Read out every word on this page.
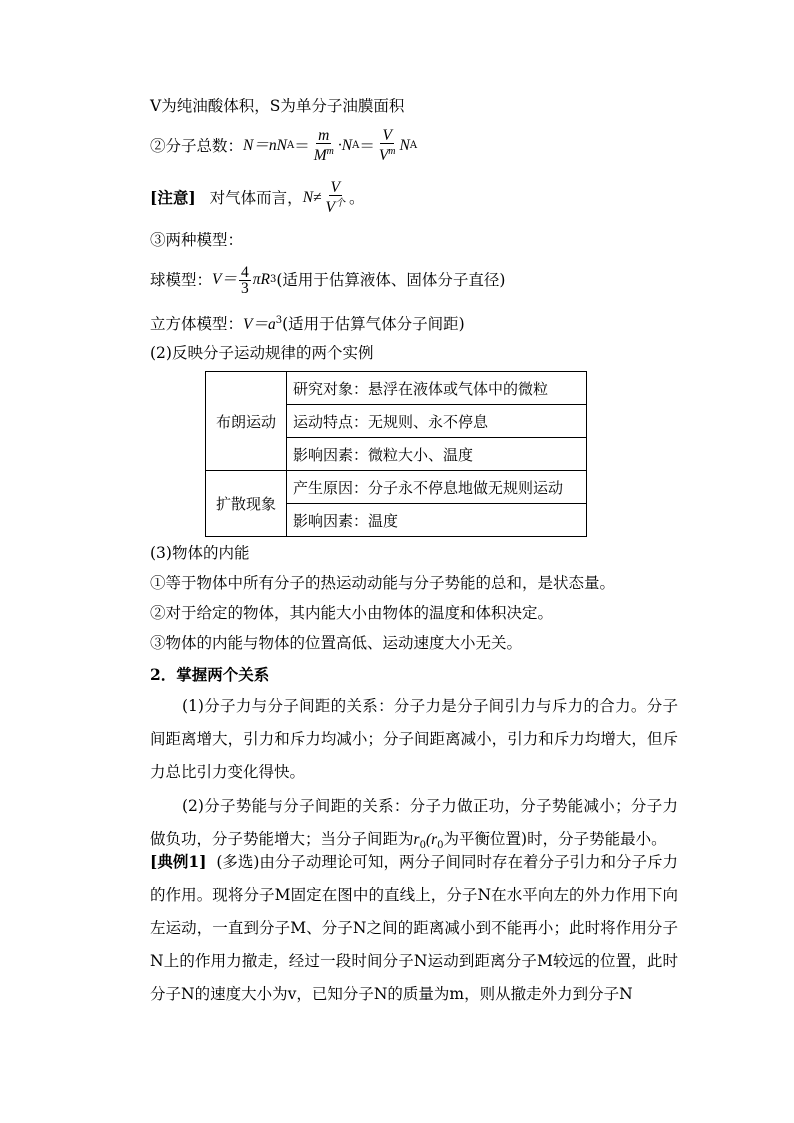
V为纯油酸体积，S为单分子油膜面积
②分子总数： N ＝nN $A = \frac{m}{M^m} \cdot N$ $A = \frac{V}{V^m}$ N A
[注意] 对气体而言， $N\ne \frac{V}{V^个}$ 。
③两种模型：
球模型： $V= \frac{4}{3}$ πR 3 (适用于估算液体、固体分子直径)
立方体模型：$V=a^3$(适用于估算气体分子间距)
(2)反映分子运动规律的两个实例
布朗运动	研究对象：悬浮在液体或气体中的微粒
	运动特点：无规则、永不停息
	影响因素：微粒大小、温度
扩散现象	产生原因：分子永不停息地做无规则运动
	影响因素：温度
(3)物体的内能
①等于物体中所有分子的热运动动能与分子势能的总和，是状态量。
②对于给定的物体，其内能大小由物体的温度和体积决定。
③物体的内能与物体的位置高低、运动速度大小无关。
2．掌握两个关系
(1)分子力与分子间距的关系：分子力是分子间引力与斥力的合力。分子间距离增大，引力和斥力均减小；分子间距离减小，引力和斥力均增大，但斥力总比引力变化得快。
(2)分子势能与分子间距的关系：分子力做正功，分子势能减小；分子力做负功，分子势能增大；当分子间距为$r_0(r_0$为平衡位置)时，分子势能最小。
[典例1] (多选)由分子动理论可知，两分子间同时存在着分子引力和分子斥力的作用。现将分子M固定在图中的直线上，分子N在水平向左的外力作用下向左运动，一直到分子M、分子N之间的距离减小到不能再小；此时将作用分子N上的作用力撤走，经过一段时间分子N运动到距离分子M较远的位置，此时分子N的速度大小为v，已知分子N的质量为m，则从撤走外力到分子N
